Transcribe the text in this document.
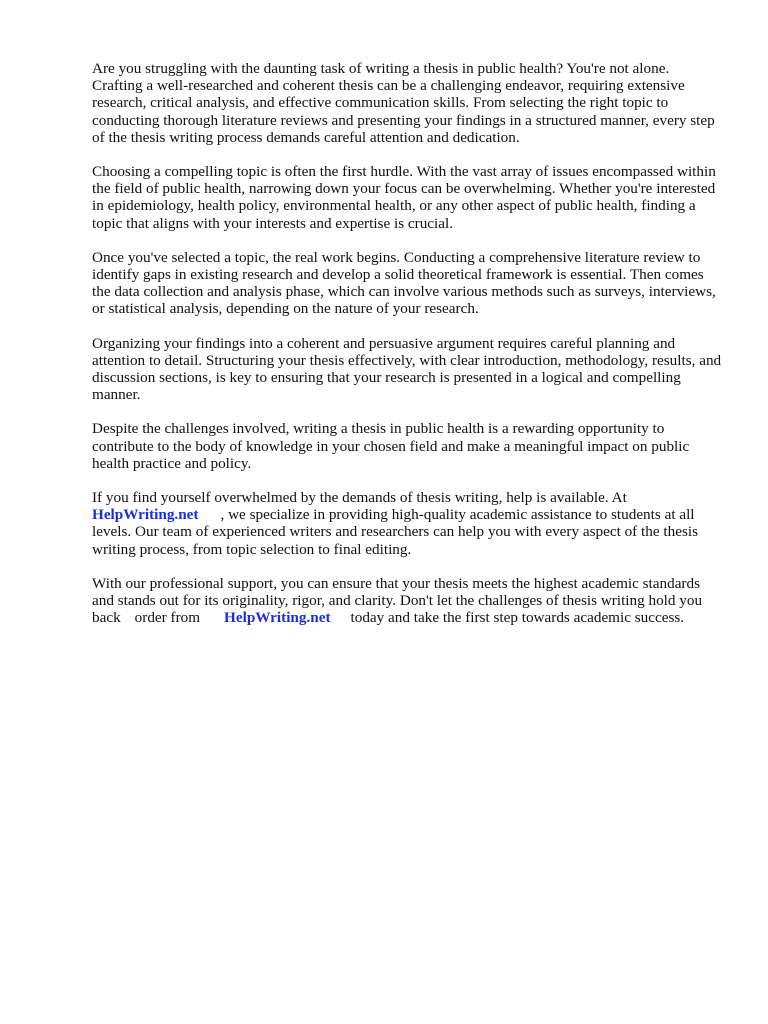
Are you struggling with the daunting task of writing a thesis in public health? You're not alone. Crafting a well-researched and coherent thesis can be a challenging endeavor, requiring extensive research, critical analysis, and effective communication skills. From selecting the right topic to conducting thorough literature reviews and presenting your findings in a structured manner, every step of the thesis writing process demands careful attention and dedication.

Choosing a compelling topic is often the first hurdle. With the vast array of issues encompassed within the field of public health, narrowing down your focus can be overwhelming. Whether you're interested in epidemiology, health policy, environmental health, or any other aspect of public health, finding a topic that aligns with your interests and expertise is crucial.

Once you've selected a topic, the real work begins. Conducting a comprehensive literature review to identify gaps in existing research and develop a solid theoretical framework is essential. Then comes the data collection and analysis phase, which can involve various methods such as surveys, interviews, or statistical analysis, depending on the nature of your research.

Organizing your findings into a coherent and persuasive argument requires careful planning and attention to detail. Structuring your thesis effectively, with clear introduction, methodology, results, and discussion sections, is key to ensuring that your research is presented in a logical and compelling manner.

Despite the challenges involved, writing a thesis in public health is a rewarding opportunity to contribute to the body of knowledge in your chosen field and make a meaningful impact on public health practice and policy.

If you find yourself overwhelmed by the demands of thesis writing, help is available. At
HelpWriting.net , we specialize in providing high-quality academic assistance to students at all levels. Our team of experienced writers and researchers can help you with every aspect of the thesis writing process, from topic selection to final editing.

With our professional support, you can ensure that your thesis meets the highest academic standards and stands out for its originality, rigor, and clarity. Don't let the challenges of thesis writing hold you back order from HelpWriting.net today and take the first step towards academic success.
